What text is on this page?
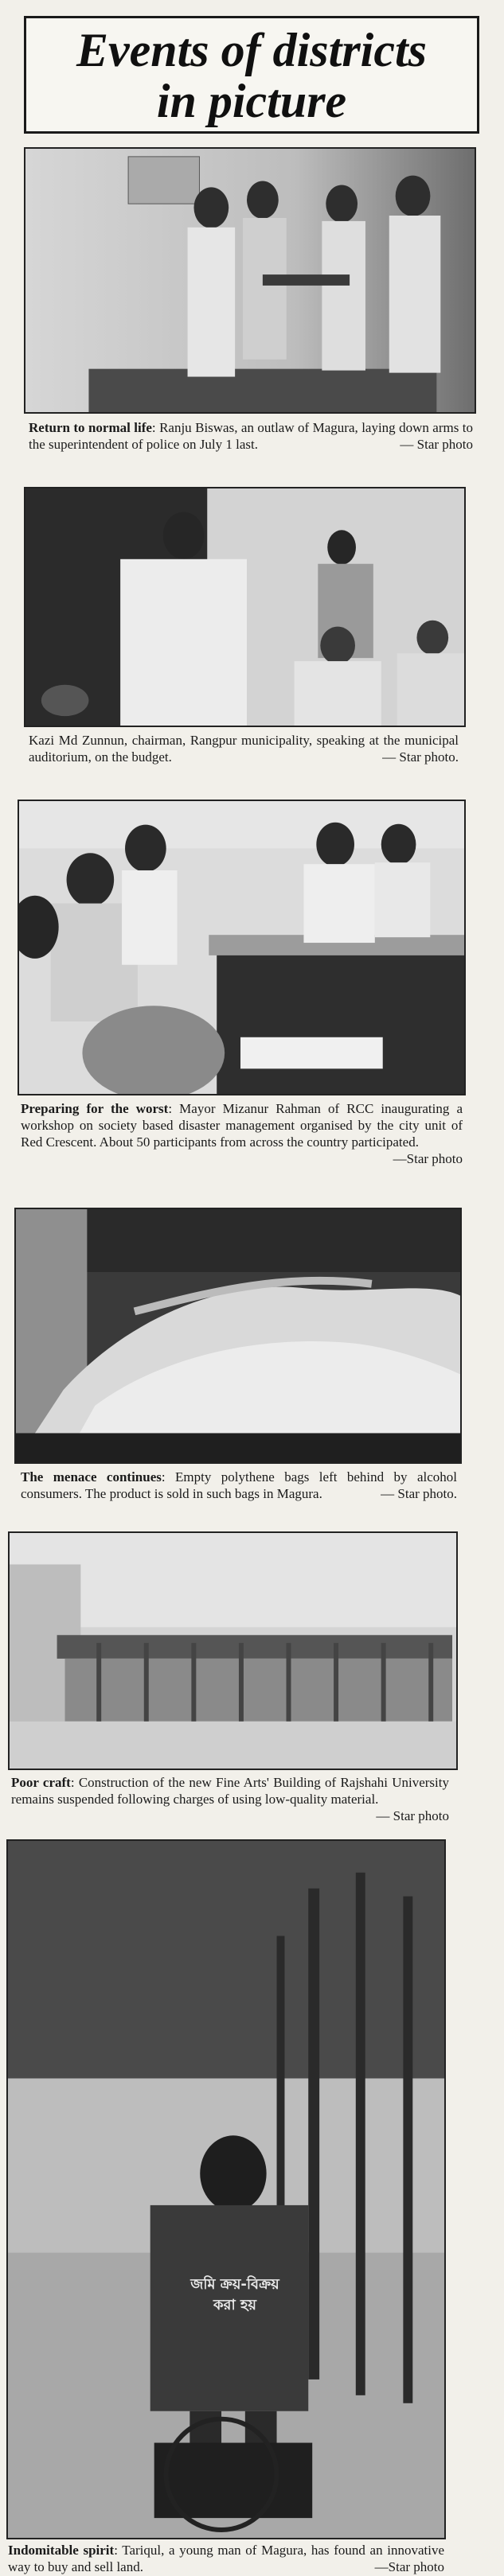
Events of districts
in picture
Return to normal life: Ranju Biswas, an outlaw of Magura, laying down arms to the superintendent of police on July 1 last.	— Star photo
Kazi Md Zunnun, chairman, Rangpur municipality, speaking at the municipal auditorium, on the budget.	— Star photo.
Preparing for the worst: Mayor Mizanur Rahman of RCC inaugurating a workshop on society based disaster management organised by the city unit of Red Crescent. About 50 participants from across the country participated.
—Star photo
The menace continues: Empty polythene bags left behind by alcohol consumers. The product is sold in such bags in Magura.	— Star photo.
Poor craft: Construction of the new Fine Arts' Building of Rajshahi University remains suspended following charges of using low-quality material.
— Star photo
জমি ক্রয়-বিক্রয়
করা হয়
Indomitable spirit: Tariqul, a young man of Magura, has found an innovative way to buy and sell land.	—Star photo
